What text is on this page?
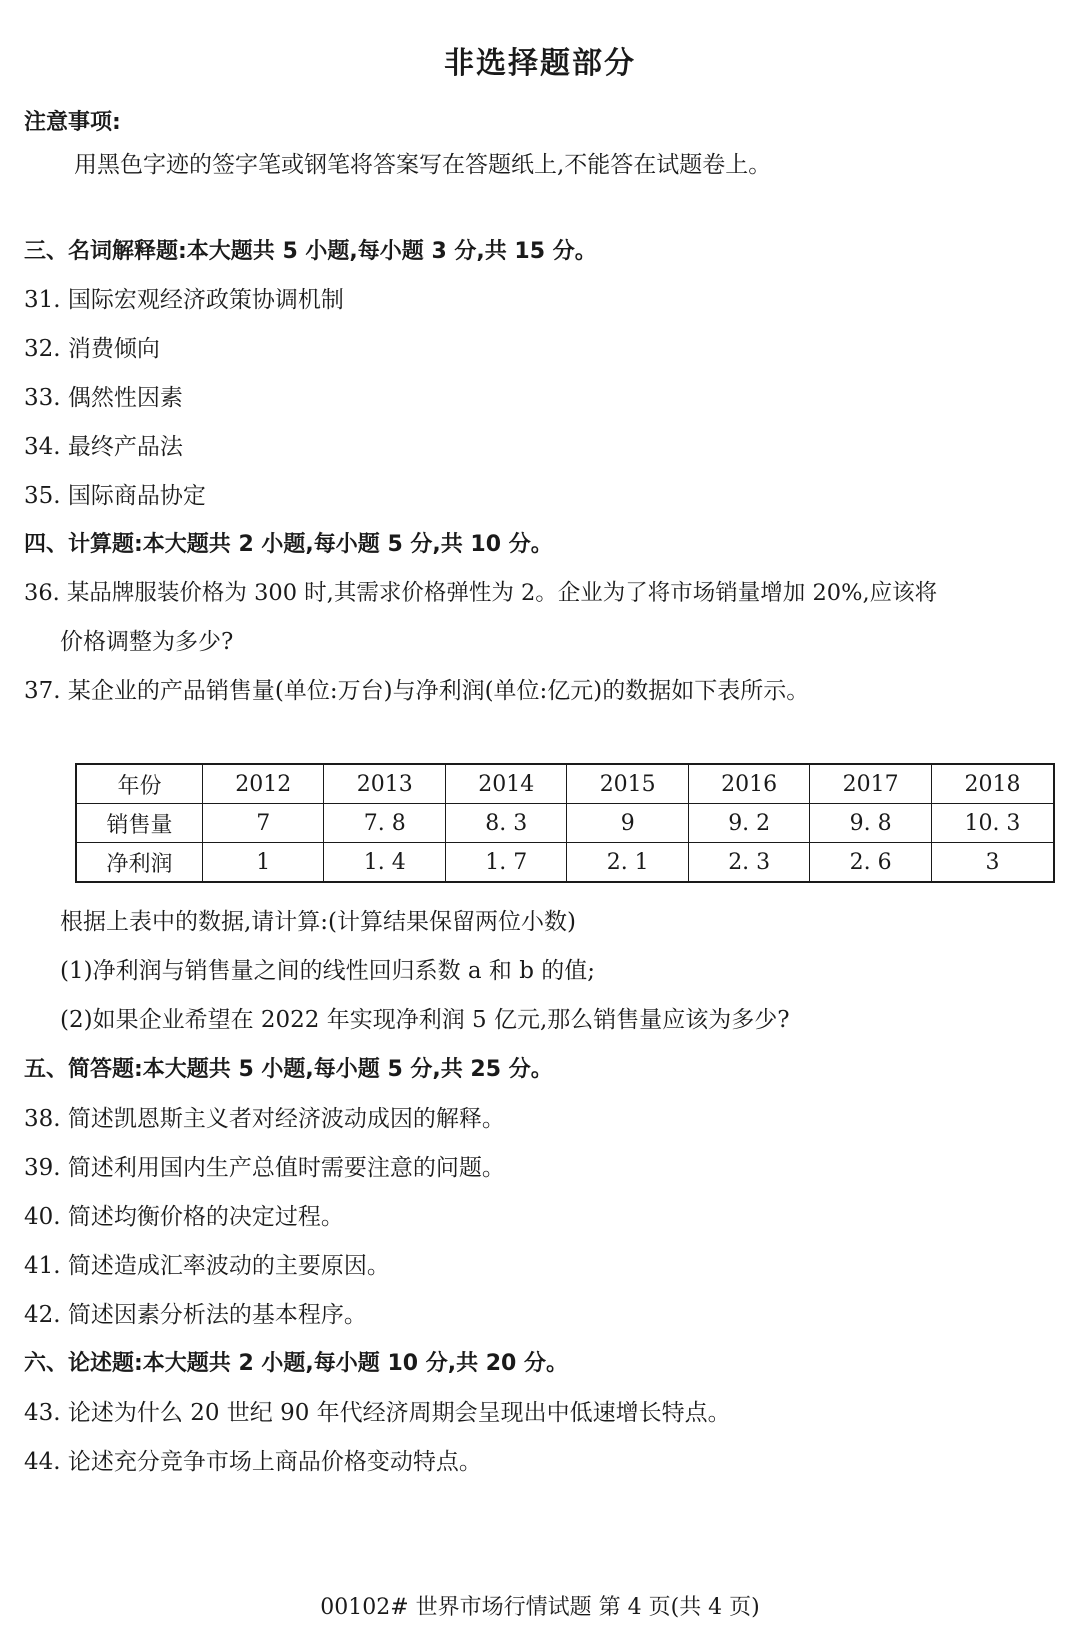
非选择题部分
注意事项:
用黑色字迹的签字笔或钢笔将答案写在答题纸上,不能答在试题卷上。
三、名词解释题:本大题共 5 小题,每小题 3 分,共 15 分。
31. 国际宏观经济政策协调机制
32. 消费倾向
33. 偶然性因素
34. 最终产品法
35. 国际商品协定
四、计算题:本大题共 2 小题,每小题 5 分,共 10 分。
36. 某品牌服装价格为 300 时,其需求价格弹性为 2。企业为了将市场销量增加 20%,应该将
价格调整为多少?
37. 某企业的产品销售量(单位:万台)与净利润(单位:亿元)的数据如下表所示。
年份	2012	2013	2014	2015	2016	2017	2018
销售量	7	7. 8	8. 3	9	9. 2	9. 8	10. 3
净利润	1	1. 4	1. 7	2. 1	2. 3	2. 6	3
根据上表中的数据,请计算:(计算结果保留两位小数)
(1)净利润与销售量之间的线性回归系数 a 和 b 的值;
(2)如果企业希望在 2022 年实现净利润 5 亿元,那么销售量应该为多少?
五、简答题:本大题共 5 小题,每小题 5 分,共 25 分。
38. 简述凯恩斯主义者对经济波动成因的解释。
39. 简述利用国内生产总值时需要注意的问题。
40. 简述均衡价格的决定过程。
41. 简述造成汇率波动的主要原因。
42. 简述因素分析法的基本程序。
六、论述题:本大题共 2 小题,每小题 10 分,共 20 分。
43. 论述为什么 20 世纪 90 年代经济周期会呈现出中低速增长特点。
44. 论述充分竞争市场上商品价格变动特点。
00102# 世界市场行情试题 第 4 页(共 4 页)
